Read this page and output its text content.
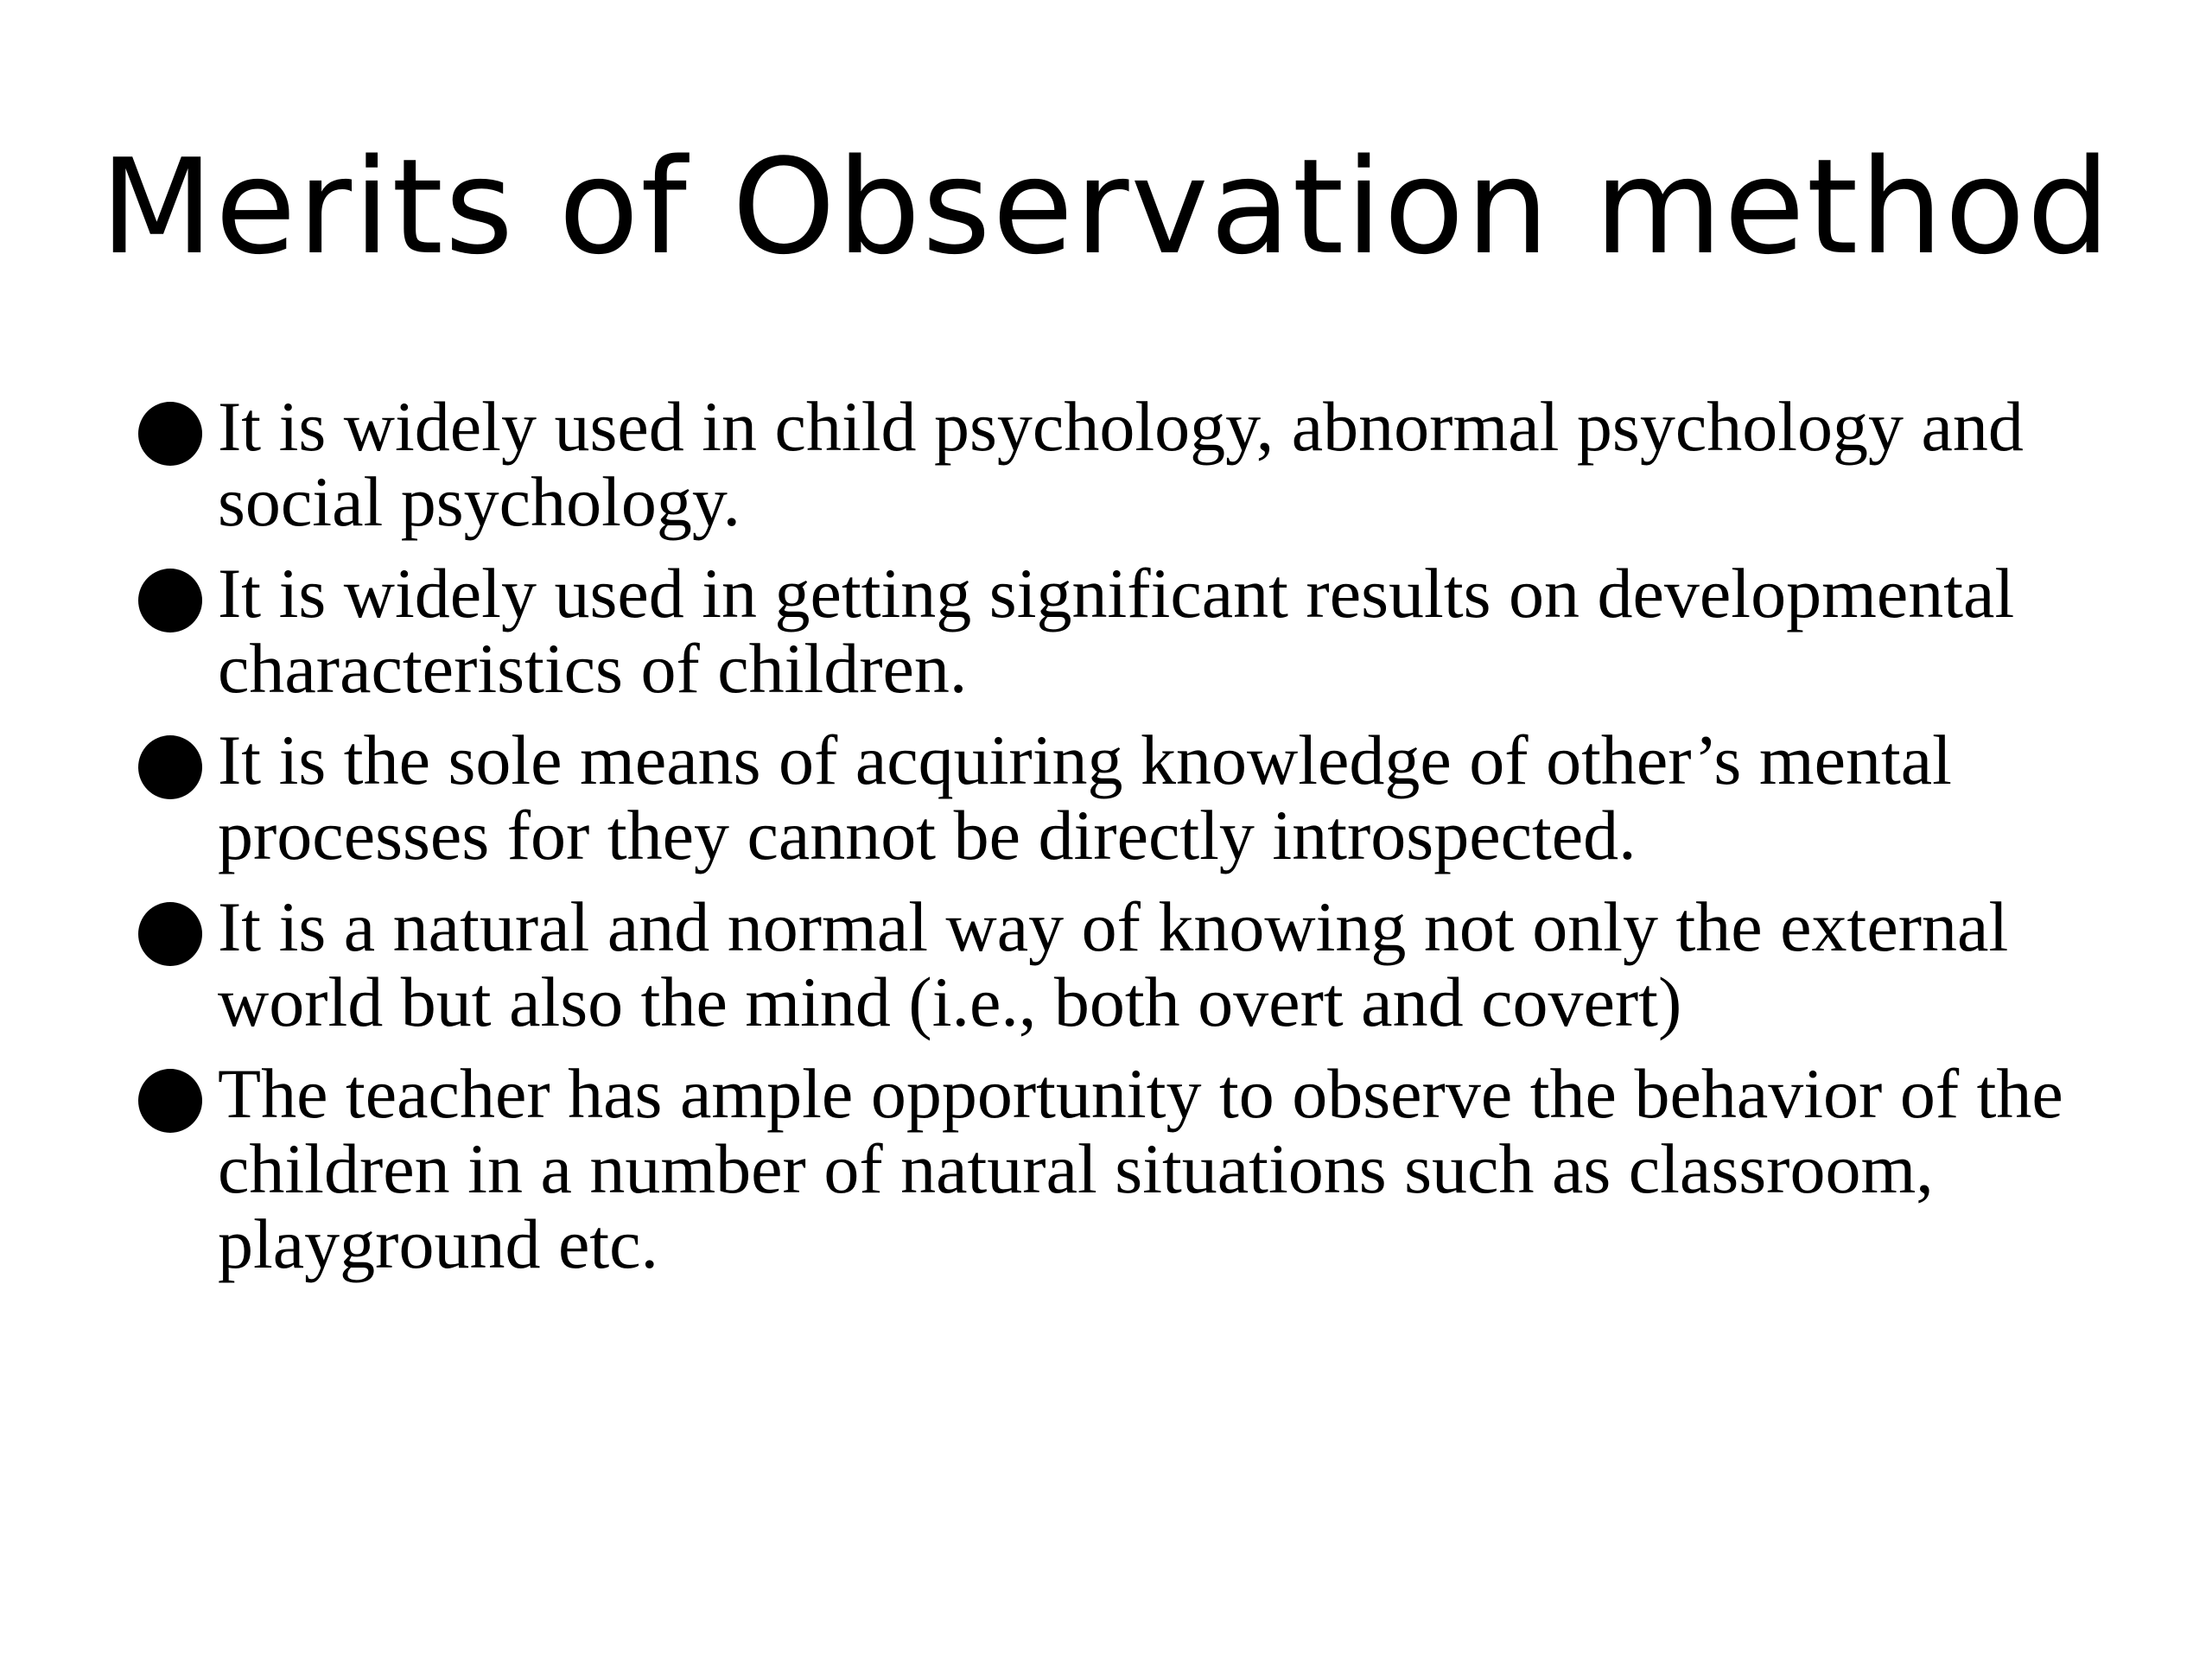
Merits of Observation method
It is widely used in child psychology, abnormal psychology and social psychology.
It is widely used in getting significant results on developmental characteristics of children.
It is the sole means of acquiring knowledge of other’s mental processes for they cannot be directly introspected.
It is a natural and normal way of knowing not only the external world but also the mind (i.e., both overt and covert)
The teacher has ample opportunity to observe the behavior of the children in a number of natural situations such as classroom, playground etc.
